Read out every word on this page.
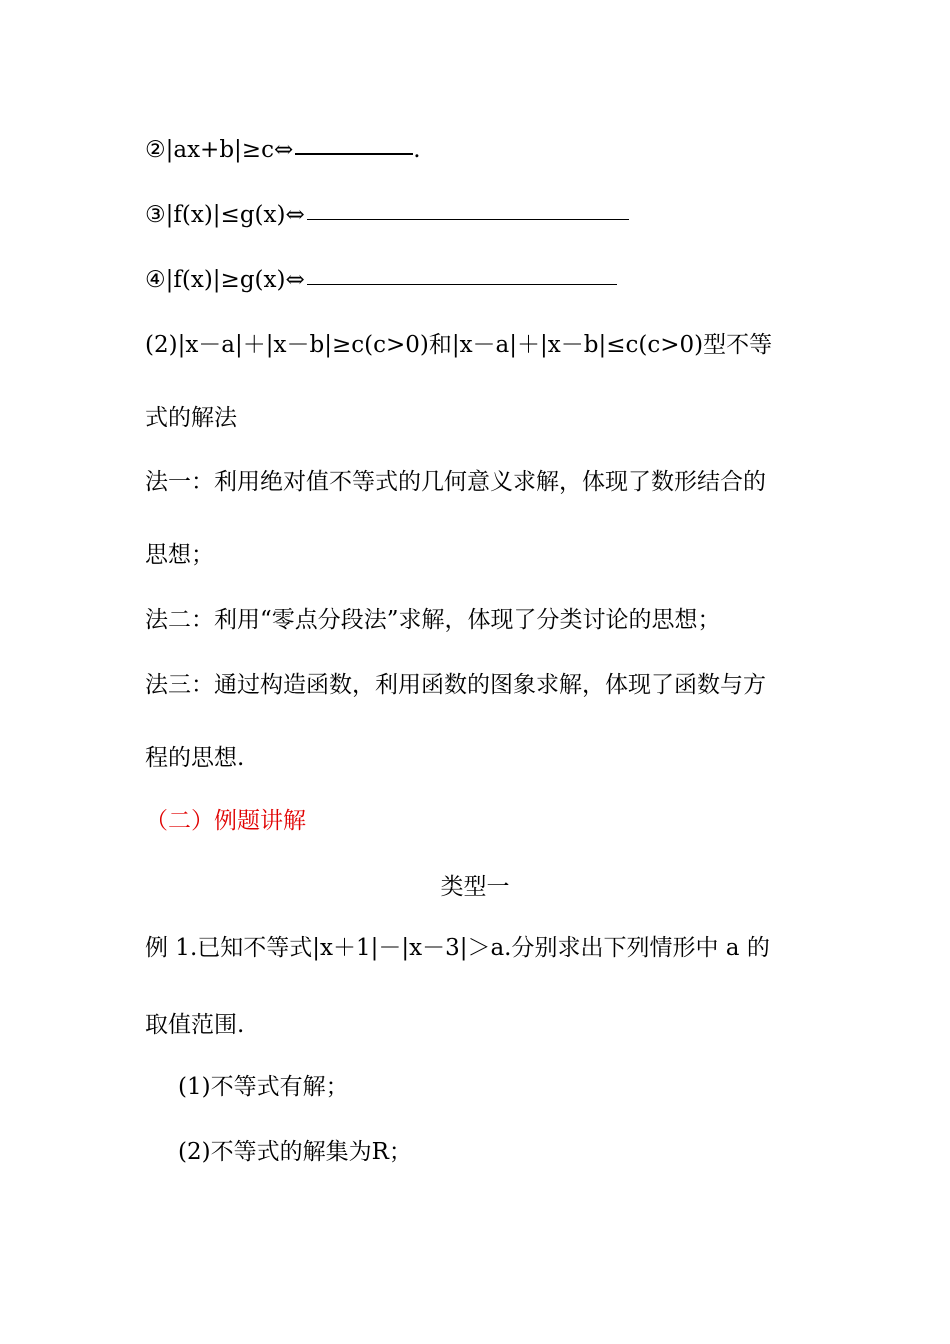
②|ax+b|≥c⇔	.
③|f(x)|≤g(x)⇔
④|f(x)|≥g(x)⇔
(2)|x－a|＋|x－b|≥c(c>0)和|x－a|＋|x－b|≤c(c>0)型不等
式的解法
法一：利用绝对值不等式的几何意义求解，体现了数形结合的
思想；
法二：利用“零点分段法”求解，体现了分类讨论的思想；
法三：通过构造函数，利用函数的图象求解，体现了函数与方
程的思想.
（二）例题讲解
类型一
例 1.已知不等式|x＋1|－|x－3|＞a.分别求出下列情形中 a 的
取值范围.
(1)不等式有解；
(2)不等式的解集为R；
